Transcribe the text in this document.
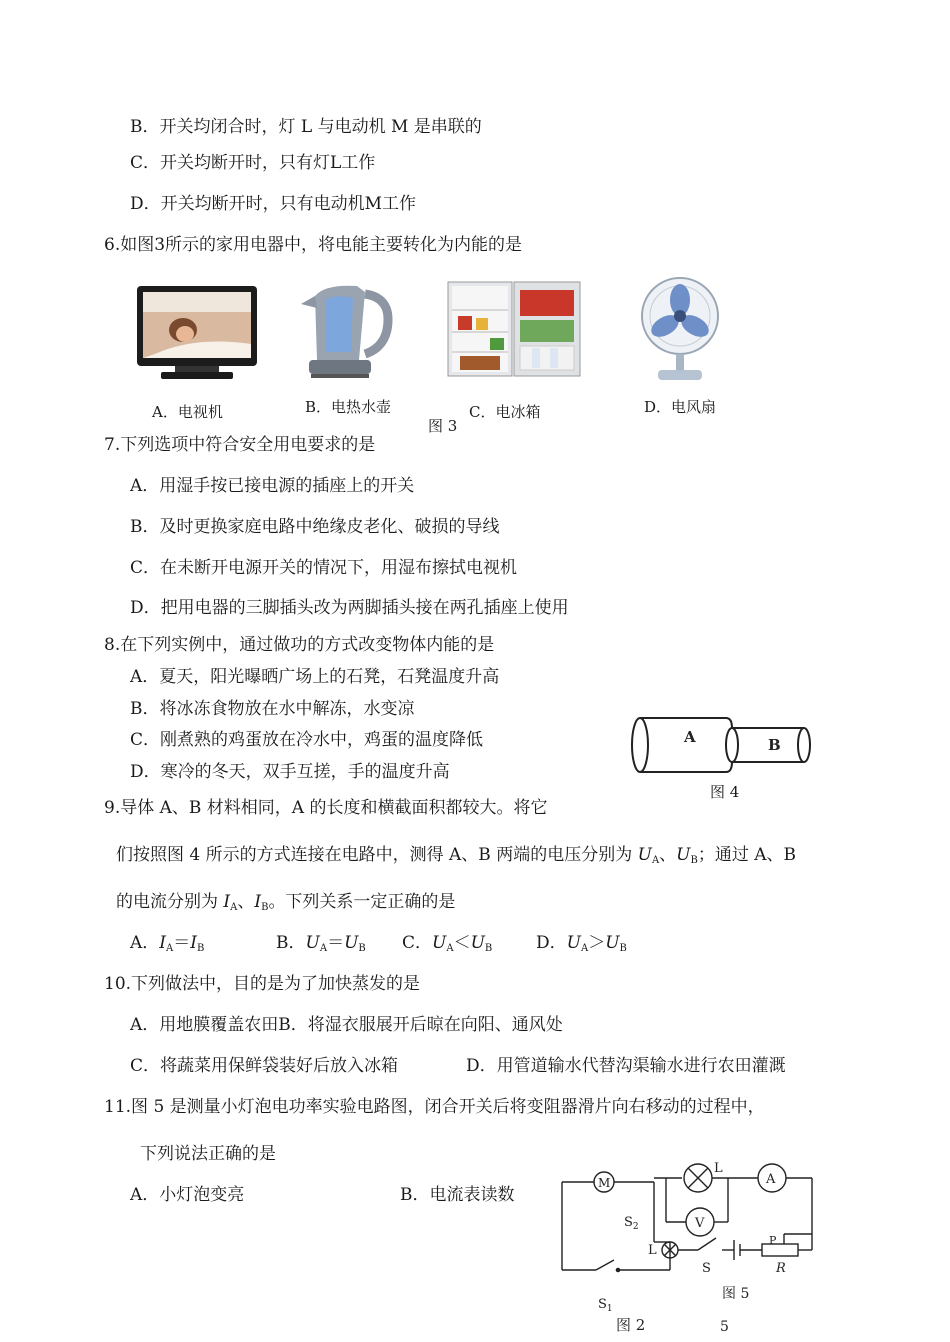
B．开关均闭合时，灯 L 与电动机 M 是串联的
C．开关均断开时，只有灯L工作
D．开关均断开时，只有电动机M工作
6.如图3所示的家用电器中，将电能主要转化为内能的是
A．电视机	B．电热水壶
图 3
C．电冰箱	D．电风扇
7.下列选项中符合安全用电要求的是
A．用湿手按已接电源的插座上的开关
B．及时更换家庭电路中绝缘皮老化、破损的导线
C．在未断开电源开关的情况下，用湿布擦拭电视机
D．把用电器的三脚插头改为两脚插头接在两孔插座上使用
8.在下列实例中，通过做功的方式改变物体内能的是
A．夏天，阳光曝晒广场上的石凳，石凳温度升高
B．将冰冻食物放在水中解冻，水变凉
C．刚煮熟的鸡蛋放在冷水中，鸡蛋的温度降低
D．寒冷的冬天，双手互搓，手的温度升高
A	B
图 4
9.导体 A、B 材料相同，A 的长度和横截面积都较大。将它
们按照图 4 所示的方式连接在电路中，测得 A、B 两端的电压分别为 $U_A$、$U_B$；通过 A、B
的电流分别为 $I_A$、$I_B$。下列关系一定正确的是
A．$I_A=I_B$	B．$U_A=U_B$ C．$U_A<U_B$	D．$U_A>U_B$
10.下列做法中，目的是为了加快蒸发的是
A．用地膜覆盖农田B．将湿衣服展开后晾在向阳、通风处
C．将蔬菜用保鲜袋装好后放入冰箱	D．用管道输水代替沟渠输水进行农田灌溉
11.图 5 是测量小灯泡电功率实验电路图，闭合开关后将变阻器滑片向右移动的过程中，
下列说法正确的是
A．小灯泡变亮	B．电流表读数
M
L
A
V
$S_2$
L
S
P
R
图 5
$S_1$
图 2	5
